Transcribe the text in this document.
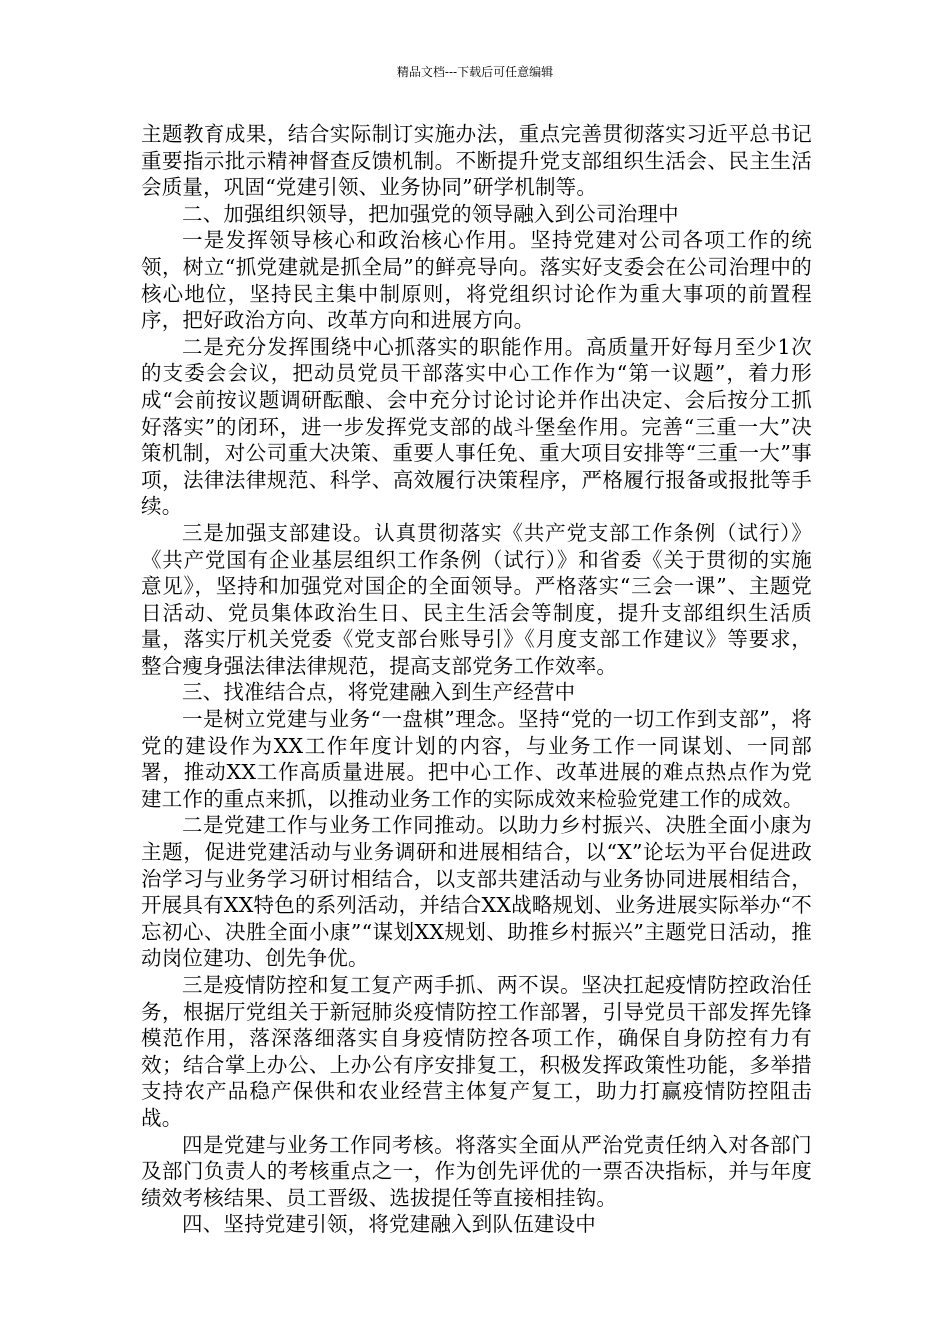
精品文档---下载后可任意编辑

主题教育成果，结合实际制订实施办法，重点完善贯彻落实习近平总书记重要指示批示精神督查反馈机制。不断提升党支部组织生活会、民主生活会质量，巩固“党建引领、业务协同”研学机制等。

二、加强组织领导，把加强党的领导融入到公司治理中

一是发挥领导核心和政治核心作用。坚持党建对公司各项工作的统领，树立“抓党建就是抓全局”的鲜亮导向。落实好支委会在公司治理中的核心地位，坚持民主集中制原则，将党组织讨论作为重大事项的前置程序，把好政治方向、改革方向和进展方向。

二是充分发挥围绕中心抓落实的职能作用。高质量开好每月至少1次的支委会会议，把动员党员干部落实中心工作作为“第一议题”，着力形成“会前按议题调研酝酿、会中充分讨论讨论并作出决定、会后按分工抓好落实”的闭环，进一步发挥党支部的战斗堡垒作用。完善“三重一大”决策机制，对公司重大决策、重要人事任免、重大项目安排等“三重一大”事项，法律法律规范、科学、高效履行决策程序，严格履行报备或报批等手续。

三是加强支部建设。认真贯彻落实《共产党支部工作条例（试行）》《共产党国有企业基层组织工作条例（试行）》和省委《关于贯彻的实施意见》，坚持和加强党对国企的全面领导。严格落实“三会一课”、主题党日活动、党员集体政治生日、民主生活会等制度，提升支部组织生活质量，落实厅机关党委《党支部台账导引》《月度支部工作建议》等要求，整合瘦身强法律法律规范，提高支部党务工作效率。

三、找准结合点，将党建融入到生产经营中

一是树立党建与业务“一盘棋”理念。坚持“党的一切工作到支部”，将党的建设作为XX工作年度计划的内容，与业务工作一同谋划、一同部署，推动XX工作高质量进展。把中心工作、改革进展的难点热点作为党建工作的重点来抓，以推动业务工作的实际成效来检验党建工作的成效。

二是党建工作与业务工作同推动。以助力乡村振兴、决胜全面小康为主题，促进党建活动与业务调研和进展相结合，以“X”论坛为平台促进政治学习与业务学习研讨相结合，以支部共建活动与业务协同进展相结合，开展具有XX特色的系列活动，并结合XX战略规划、业务进展实际举办“不忘初心、决胜全面小康”“谋划XX规划、助推乡村振兴”主题党日活动，推动岗位建功、创先争优。

三是疫情防控和复工复产两手抓、两不误。坚决扛起疫情防控政治任务，根据厅党组关于新冠肺炎疫情防控工作部署，引导党员干部发挥先锋模范作用，落深落细落实自身疫情防控各项工作，确保自身防控有力有效；结合掌上办公、上办公有序安排复工，积极发挥政策性功能，多举措支持农产品稳产保供和农业经营主体复产复工，助力打赢疫情防控阻击战。

四是党建与业务工作同考核。将落实全面从严治党责任纳入对各部门及部门负责人的考核重点之一，作为创先评优的一票否决指标，并与年度绩效考核结果、员工晋级、选拔提任等直接相挂钩。

四、坚持党建引领，将党建融入到队伍建设中
